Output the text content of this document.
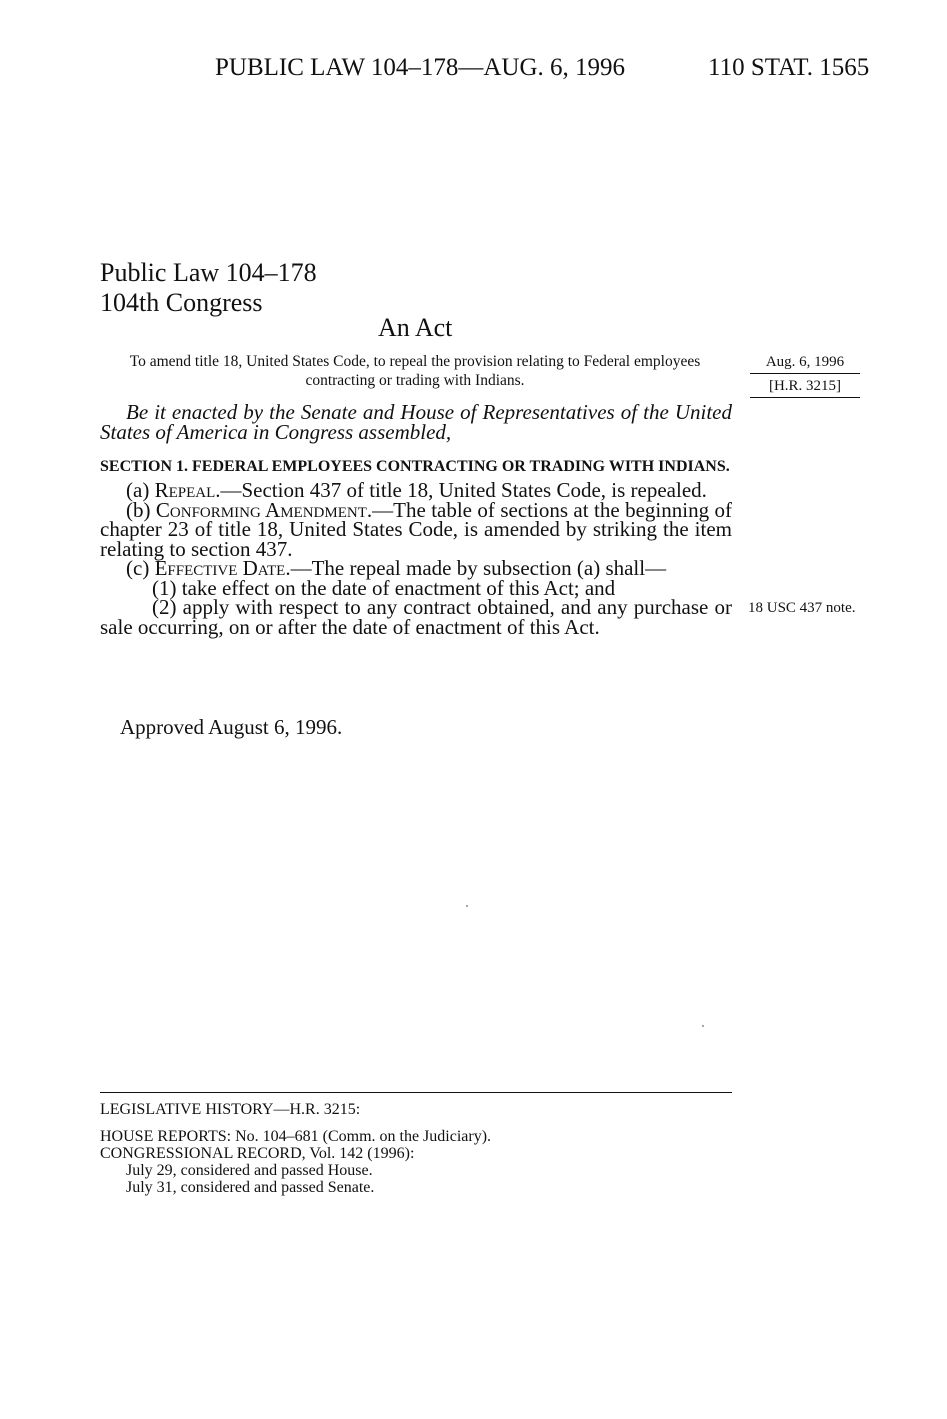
PUBLIC LAW 104–178—AUG. 6, 1996	110 STAT. 1565
Public Law 104–178
104th Congress
An Act
To amend title 18, United States Code, to repeal the provision relating to Federal employees contracting or trading with Indians.
Aug. 6, 1996
[H.R. 3215]
18 USC 437 note.

Be it enacted by the Senate and House of Representatives of the United States of America in Congress assembled,

SECTION 1. FEDERAL EMPLOYEES CONTRACTING OR TRADING WITH INDIANS.

(a) Repeal.—Section 437 of title 18, United States Code, is repealed.

(b) Conforming Amendment.—The table of sections at the beginning of chapter 23 of title 18, United States Code, is amended by striking the item relating to section 437.

(c) Effective Date.—The repeal made by subsection (a) shall—

(1) take effect on the date of enactment of this Act; and

(2) apply with respect to any contract obtained, and any purchase or sale occurring, on or after the date of enactment of this Act.

Approved August 6, 1996.
LEGISLATIVE HISTORY—H.R. 3215:
HOUSE REPORTS: No. 104–681 (Comm. on the Judiciary).
CONGRESSIONAL RECORD, Vol. 142 (1996):
July 29, considered and passed House.
July 31, considered and passed Senate.
